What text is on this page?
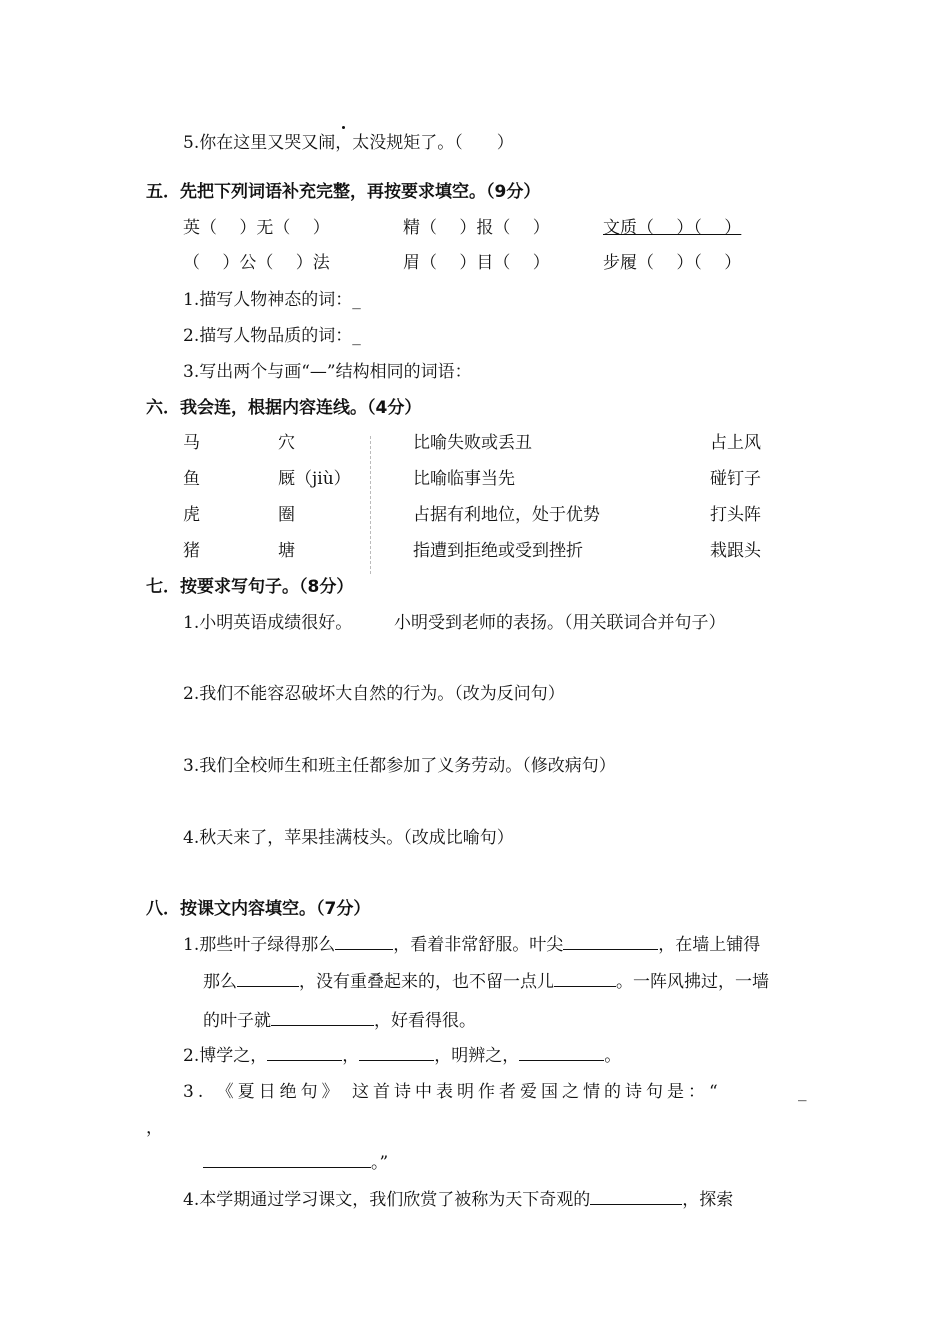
5.你在这里又哭又闹，太没规矩了。（　　）
五．先把下列词语补充完整，再按要求填空。（9分）
英（　 ）无（　 ）	精（　 ）报（　 ）	文质（　 ）（　 ）
（　 ）公（　 ）法	眉（　 ）目（　 ）	步履（　 ）（　 ）
1.描写人物神态的词：_
2.描写人物品质的词：_
3.写出两个与画“—”结构相同的词语：
六．我会连，根据内容连线。（4分）
马	穴	比喻失败或丢丑	占上风
鱼	厩（jiù）	比喻临事当先	碰钉子
虎	圈	占据有利地位，处于优势	打头阵
猪	塘	指遭到拒绝或受到挫折	栽跟头
七．按要求写句子。（8分）
1.小明英语成绩很好。 小明受到老师的表扬。（用关联词合并句子）
2.我们不能容忍破坏大自然的行为。（改为反问句）
3.我们全校师生和班主任都参加了义务劳动。（修改病句）
4.秋天来了，苹果挂满枝头。（改成比喻句）
八．按课文内容填空。（7分）
1.那些叶子绿得那么	，看着非常舒服。叶尖	，在墙上铺得
那么	，没有重叠起来的，也不留一点儿	。一阵风拂过，一墙
的叶子就	，好看得很。
2.博学之，	，	，明辨之，	。
3. 《夏日绝句》 这首诗中表明作者爱国之情的诗句是：“	_
，
。”
4.本学期通过学习课文，我们欣赏了被称为天下奇观的	，探索
